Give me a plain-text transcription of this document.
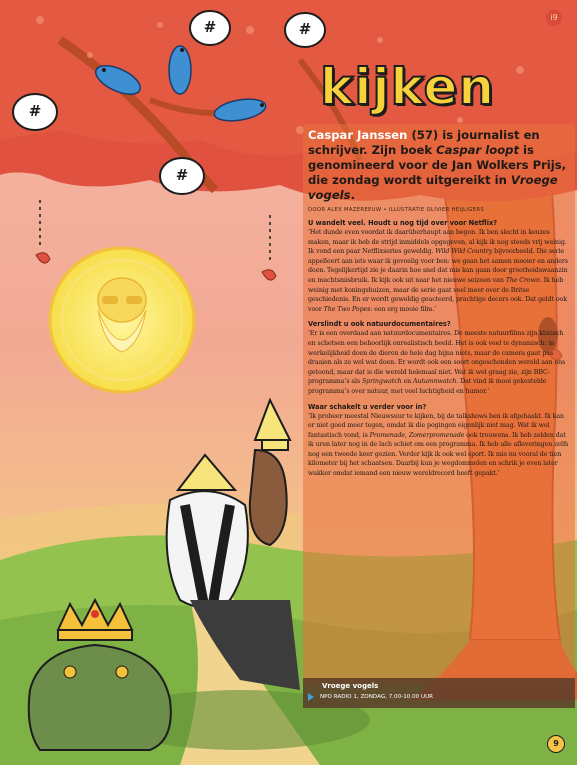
#
#
#
#
i9
kijken

Caspar Janssen (57) is journalist en schrijver. Zijn boek Caspar loopt is genomineerd voor de Jan Wolkers Prijs, die zondag wordt uitgereikt in Vroege vogels.

DOOR ALEX MAZEREEUW • ILLUSTRATIE OLIVIER HEIJLIGERS
U wandelt veel. Houdt u nog tijd over voor Netflix?

‘Het dunde even voordat ik daarüberhaupt aan begon. Ik ben slecht in keuzes maken, maar ik heb de strijd inmiddels opgegeven, al kijk ik nog steeds vrij weinig. Ik vond een paar Netflixseries geweldig. Wild Wild Country bijvoorbeeld. Die serie appelleert aan iets waar ik gevoelig voor ben: we gaan het samen mooier en anders doen. Tegelijkertijd zie je daarin hoe snel dat mis kan gaan door grootheidswaanzin en machtsmisbruik. Ik kijk ook uit naar het nieuwe seizoen van The Crown. Ik heb weinig met koningshuizen, maar de serie gaat veel meer over de Britse geschiedenis. En er wordt geweldig geacteerd, prachtige decors ook. Dat geldt ook voor The Two Popes: een erg mooie film.’

Verslindt u ook natuurdocumentaires?

‘Er is een overdaad aan natuurdocumentaires. De meeste natuurfilms zijn klinisch en schetsen een behoorlijk onrealistisch beeld. Het is ook veel te dynamisch: in werkelijkheid doen de dieren de hele dag bijna niets, maar de camera gaat pas draaien als ze wel wat doen. Er wordt ook een soort ongeschonden wereld aan ons getoond, maar dat is die wereld helemaal niet. Wat ik wel graag zie, zijn BBC-programma’s als Springwatch en Autumnwatch. Dat vind ik mooi gekestelde programma’s over natuur, met veel luchtigheid en humor.’

Waar schakelt u verder voor in?

‘Ik probeer meestal Nieuwsuur te kijken, bij de talkshows ben ik afgehaakt. Ik kan er niet goed meer tegen, omdat ik die pogingen eigenlijk niet mag. Wat ik wel fantastisch vond, is Promenade, Zomerpromenade ook trouwens. Ik heb zelden dat ik uren later nog in de lach schiet om een programma. Ik heb alle afleveringen zelfs nog een tweede keer gezien. Verder kijk ik ook wel sport. Ik mis nu vooral de tien kilometer bij het schaatsen. Daarbij kun je wegdommelen en schrik je even later wakker omdat iemand een nieuw wereldrecord heeft gepakt.’

Vroege vogels
NPO RADIO 1, ZONDAG, 7.00-10.00 UUR
9
